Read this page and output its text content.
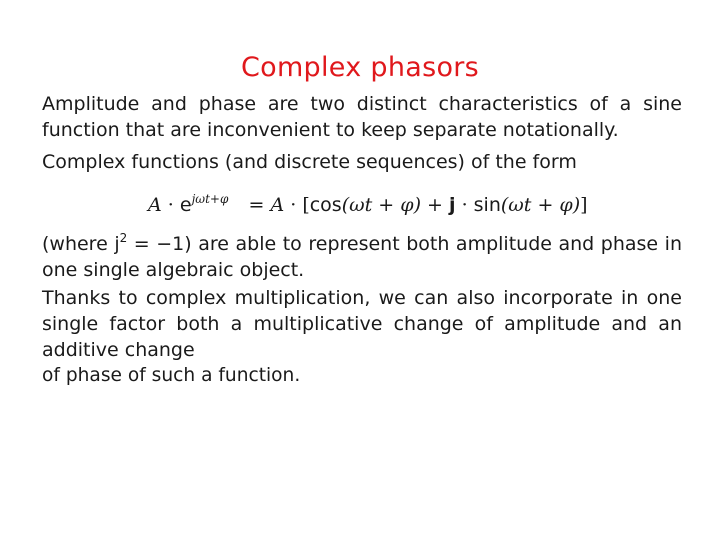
Complex phasors
Amplitude and phase are two distinct characteristics of a sine function that are inconvenient to keep separate notationally.
Complex functions (and discrete sequences) of the form
$A \cdot e^{j\omega t+\varphi} = A \cdot [\cos(\omega t + \varphi) + j \cdot \sin(\omega t + \varphi)]$
(where $j^2 = -1$) are able to represent both amplitude and phase in one single algebraic object.
Thanks to complex multiplication, we can also incorporate in one single factor both a multiplicative change of amplitude and an additive change
of phase of such a function.
